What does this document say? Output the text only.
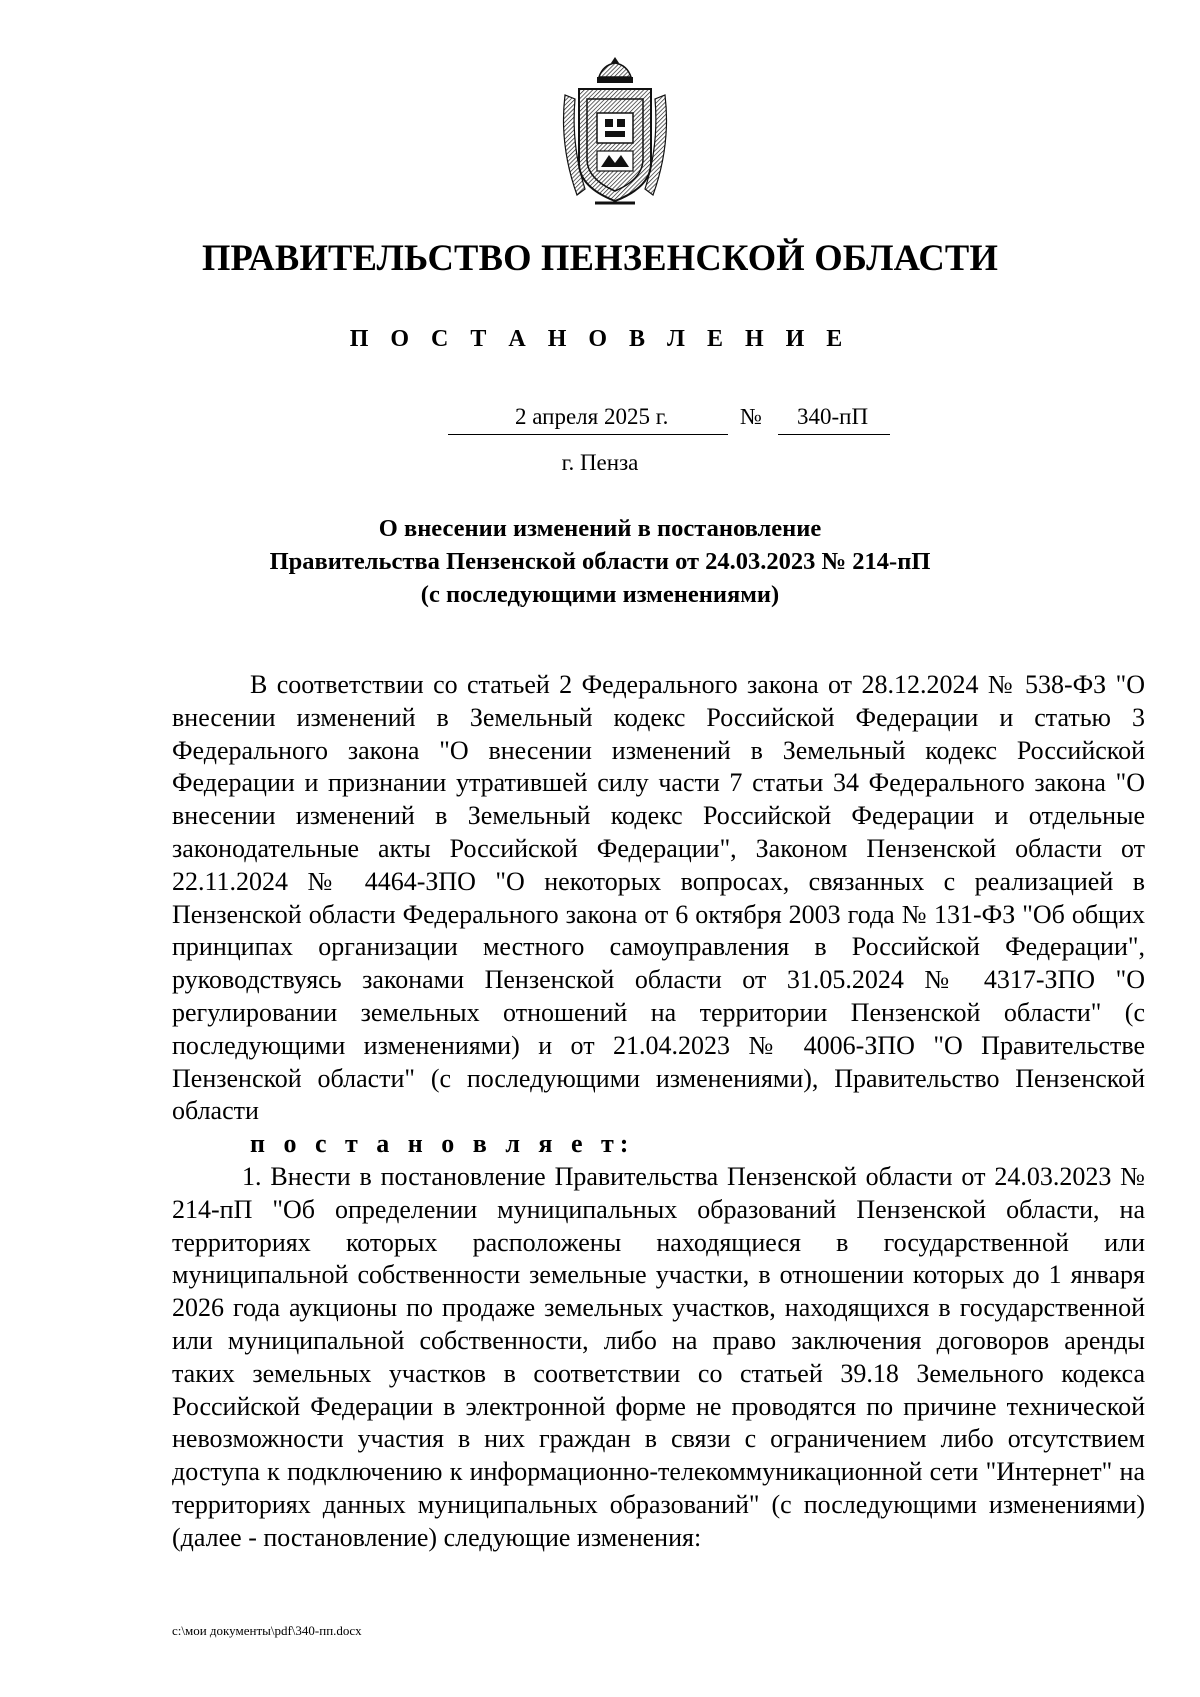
ПРАВИТЕЛЬСТВО ПЕНЗЕНСКОЙ ОБЛАСТИ
П О С Т А Н О В Л Е Н И Е
2 апреля 2025 г.	№ 340-пП
г. Пенза
О внесении изменений в постановление
Правительства Пензенской области от 24.03.2023 № 214-пП
(с последующими изменениями)

В соответствии со статьей 2 Федерального закона от 28.12.2024 № 538-ФЗ "О внесении изменений в Земельный кодекс Российской Федерации и статью 3 Федерального закона "О внесении изменений в Земельный кодекс Российской Федерации и признании утратившей силу части 7 статьи 34 Федерального закона "О внесении изменений в Земельный кодекс Российской Федерации и отдельные законодательные акты Российской Федерации", Законом Пензенской области от 22.11.2024 № 4464-ЗПО "О некоторых вопросах, связанных с реализацией в Пензенской области Федерального закона от 6 октября 2003 года № 131-ФЗ "Об общих принципах организации местного самоуправления в Российской Федерации", руководствуясь законами Пензенской области от 31.05.2024 № 4317-ЗПО "О регулировании земельных отношений на территории Пензенской области" (с последующими изменениями) и от 21.04.2023 № 4006-ЗПО "О Правительстве Пензенской области" (с последующими изменениями), Правительство Пензенской области
п о с т а н о в л я е т:

1. Внести в постановление Правительства Пензенской области от 24.03.2023 № 214-пП "Об определении муниципальных образований Пензенской области, на территориях которых расположены находящиеся в государственной или муниципальной собственности земельные участки, в отношении которых до 1 января 2026 года аукционы по продаже земельных участков, находящихся в государственной или муниципальной собственности, либо на право заключения договоров аренды таких земельных участков в соответствии со статьей 39.18 Земельного кодекса Российской Федерации в электронной форме не проводятся по причине технической невозможности участия в них граждан в связи с ограничением либо отсутствием доступа к подключению к информационно-телекоммуникационной сети "Интернет" на территориях данных муниципальных образований" (с последующими изменениями) (далее - постановление) следующие изменения:

c:\мои документы\pdf\340-пп.docx
